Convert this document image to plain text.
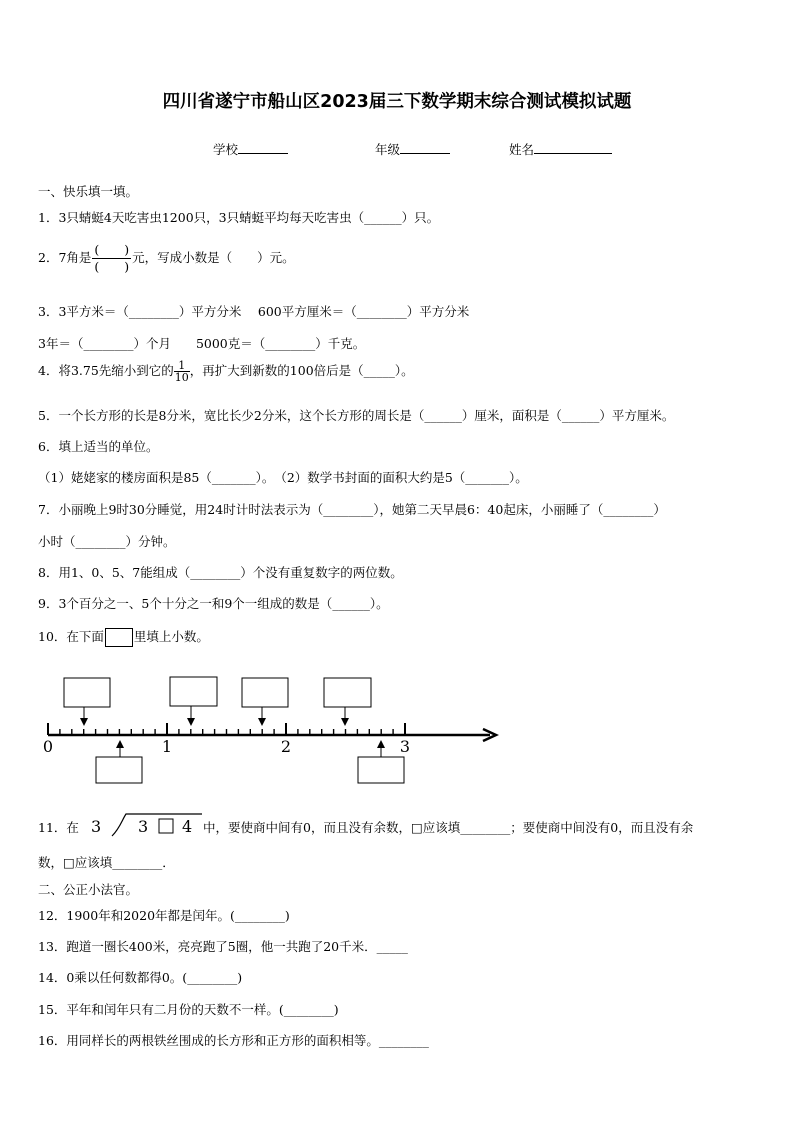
四川省遂宁市船山区2023届三下数学期末综合测试模拟试题
学校	年级	姓名
一、快乐填一填。
1．3只蜻蜓4天吃害虫1200只，3只蜻蜓平均每天吃害虫（______）只。
2．7角是 $\frac{( )}{( )}$ 元，写成小数是（　　）元。
3．3平方米＝（________）平方分米　 600平方厘米＝（________）平方分米
3年＝（________）个月　　5000克＝（________）千克。
4．将3.75先缩小到它的 $\frac{1}{10}$ ，再扩大到新数的100倍后是（_____）。
5．一个长方形的长是8分米，宽比长少2分米，这个长方形的周长是（______）厘米，面积是（______）平方厘米。
6．填上适当的单位。
（1）姥姥家的楼房面积是85（_______）。　（2）数学书封面的面积大约是5（_______）。
7．小丽晚上9时30分睡觉，用24时计时法表示为（________），她第二天早晨6：40起床，小丽睡了（________）
小时（________）分钟。
8．用1、0、5、7能组成（________）个没有重复数字的两位数。
9．3个百分之一、5个十分之一和9个一组成的数是（______）。
10．在下面 里填上小数。
0	1	2	3
11．在 3 3 4 中，要使商中间有0，而且没有余数，□应该填________；要使商中间没有0，而且没有余
数，□应该填________．
二、公正小法官。
12．1900年和2020年都是闰年。(________)
13．跑道一圈长400米，亮亮跑了5圈，他一共跑了20千米．_____
14．0乘以任何数都得0。(________)
15．平年和闰年只有二月份的天数不一样。(________)
16．用同样长的两根铁丝围成的长方形和正方形的面积相等。________
